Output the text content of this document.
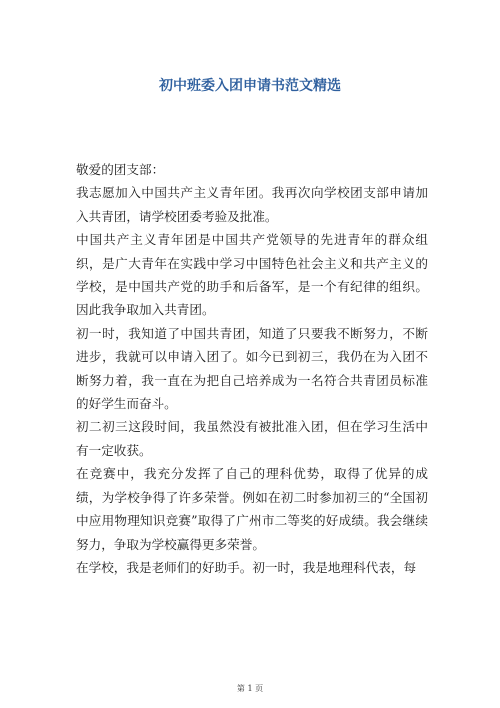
初中班委入团申请书范文精选

敬爱的团支部：

我志愿加入中国共产主义青年团。我再次向学校团支部申请加入共青团，请学校团委考验及批准。

中国共产主义青年团是中国共产党领导的先进青年的群众组织，是广大青年在实践中学习中国特色社会主义和共产主义的学校，是中国共产党的助手和后备军，是一个有纪律的组织。因此我争取加入共青团。

初一时，我知道了中国共青团，知道了只要我不断努力，不断进步，我就可以申请入团了。如今已到初三，我仍在为入团不断努力着，我一直在为把自己培养成为一名符合共青团员标准的好学生而奋斗。

初二初三这段时间，我虽然没有被批准入团，但在学习生活中有一定收获。

在竞赛中，我充分发挥了自己的理科优势，取得了优异的成绩，为学校争得了许多荣誉。例如在初二时参加初三的“全国初中应用物理知识竞赛”取得了广州市二等奖的好成绩。我会继续努力，争取为学校赢得更多荣誉。

在学校，我是老师们的好助手。初一时，我是地理科代表，每

第 1 页
